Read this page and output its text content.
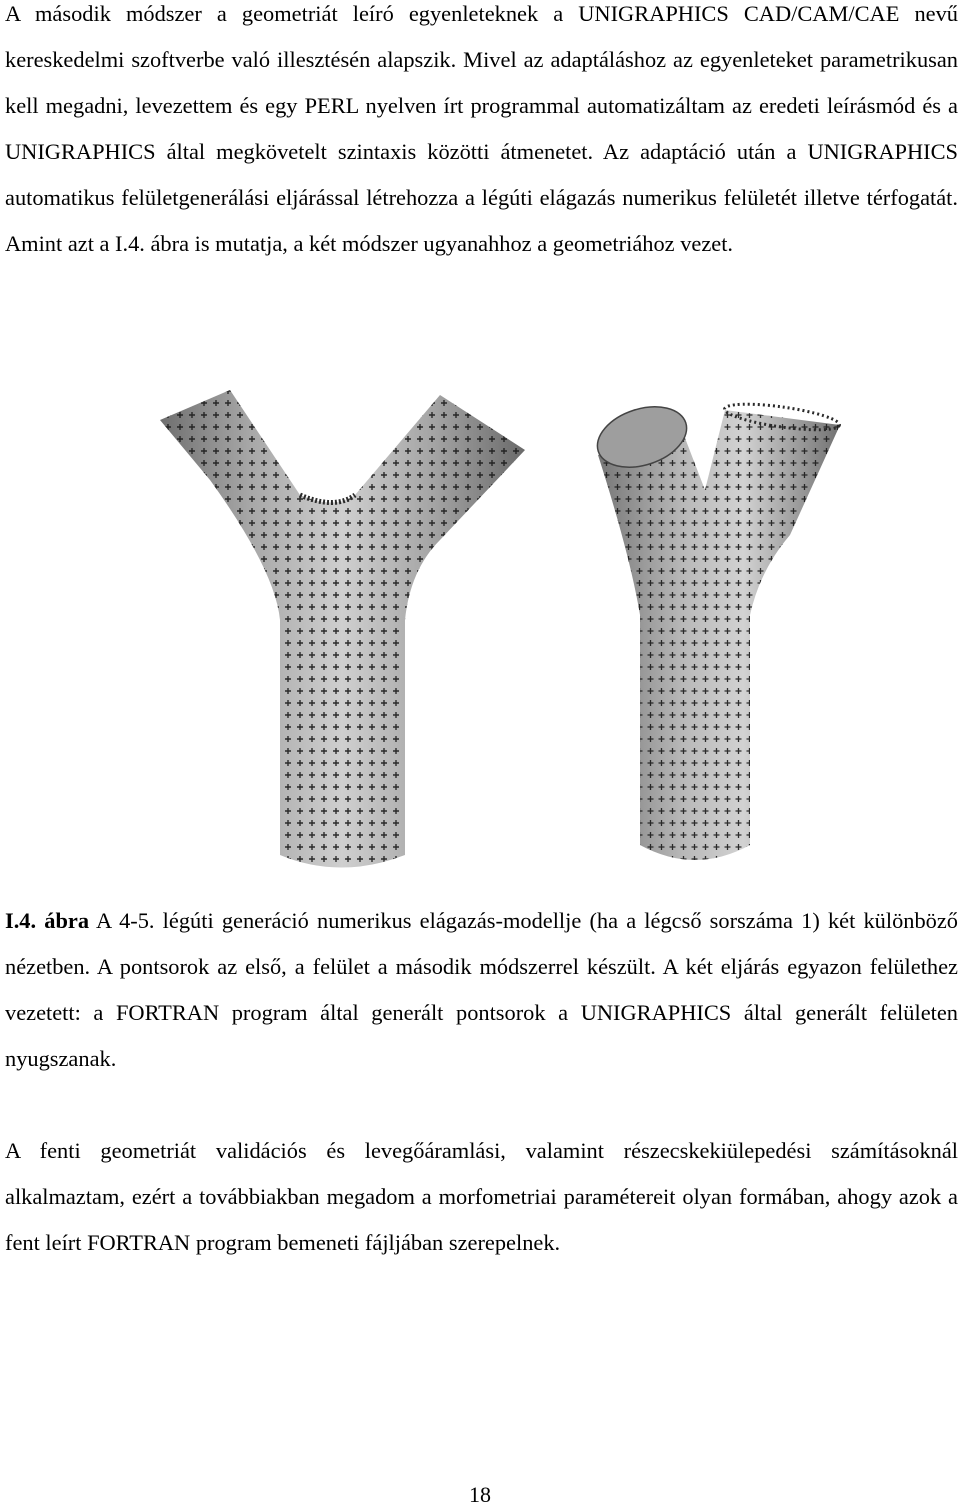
A második módszer a geometriát leíró egyenleteknek a UNIGRAPHICS CAD/CAM/CAE nevű kereskedelmi szoftverbe való illesztésén alapszik. Mivel az adaptáláshoz az egyenleteket parametrikusan kell megadni, levezettem és egy PERL nyelven írt programmal automatizáltam az eredeti leírásmód és a UNIGRAPHICS által megkövetelt szintaxis közötti átmenetet. Az adaptáció után a UNIGRAPHICS automatikus felületgenerálási eljárással létrehozza a légúti elágazás numerikus felületét illetve térfogatát. Amint azt a I.4. ábra is mutatja, a két módszer ugyanahhoz a geometriához vezet.

I.4. ábra A 4-5. légúti generáció numerikus elágazás-modellje (ha a légcső sorszáma 1) két különböző nézetben. A pontsorok az első, a felület a második módszerrel készült. A két eljárás egyazon felülethez vezetett: a FORTRAN program által generált pontsorok a UNIGRAPHICS által generált felületen nyugszanak.

A fenti geometriát validációs és levegőáramlási, valamint részecskekiülepedési számításoknál alkalmaztam, ezért a továbbiakban megadom a morfometriai paramétereit olyan formában, ahogy azok a fent leírt FORTRAN program bemeneti fájljában szerepelnek.

18
